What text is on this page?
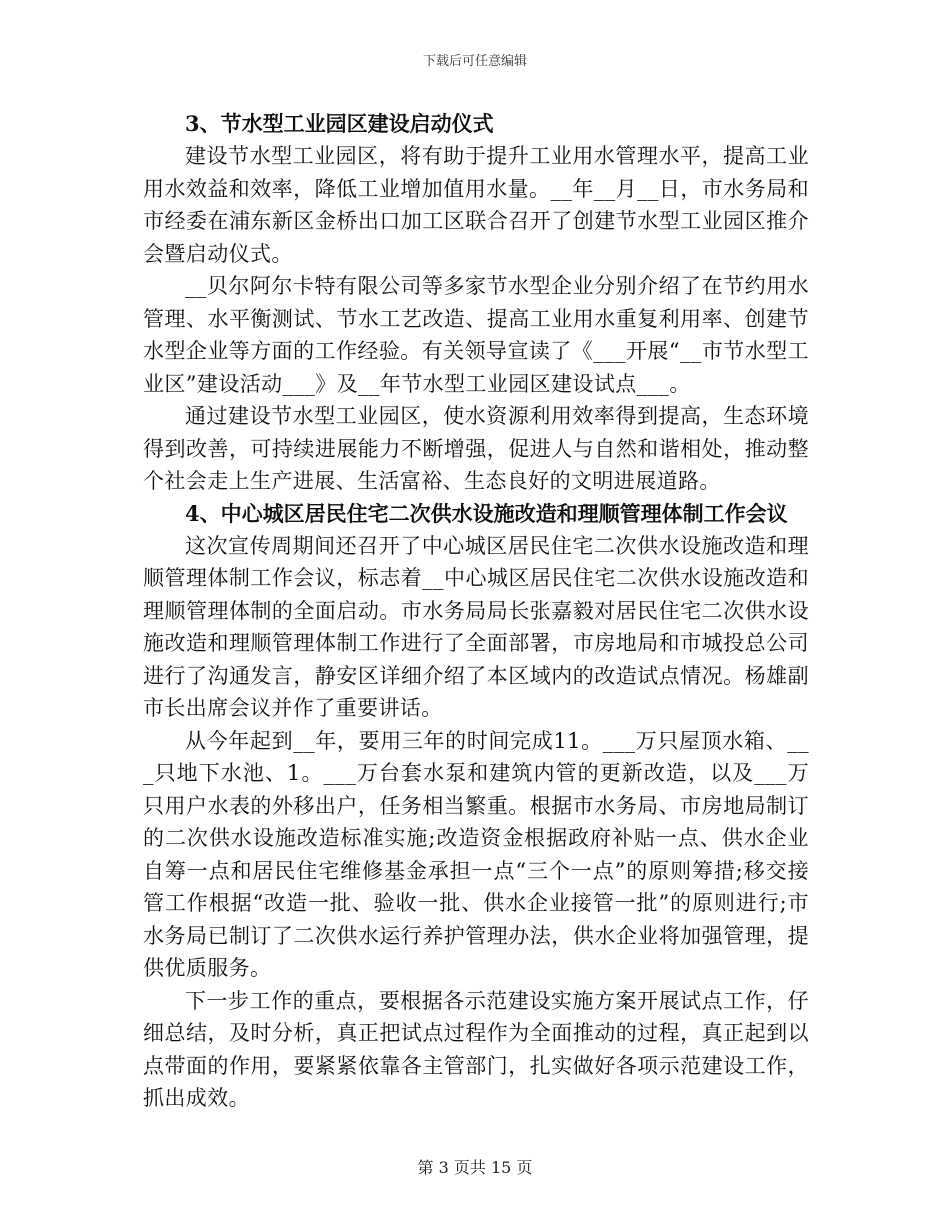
下载后可任意编辑

3、节水型工业园区建设启动仪式

建设节水型工业园区，将有助于提升工业用水管理水平，提高工业用水效益和效率，降低工业增加值用水量。__年__月__日，市水务局和市经委在浦东新区金桥出口加工区联合召开了创建节水型工业园区推介会暨启动仪式。

__贝尔阿尔卡特有限公司等多家节水型企业分别介绍了在节约用水管理、水平衡测试、节水工艺改造、提高工业用水重复利用率、创建节水型企业等方面的工作经验。有关领导宣读了《___开展“__市节水型工业区”建设活动___》及__年节水型工业园区建设试点___。

通过建设节水型工业园区，使水资源利用效率得到提高，生态环境得到改善，可持续进展能力不断增强，促进人与自然和谐相处，推动整个社会走上生产进展、生活富裕、生态良好的文明进展道路。

4、中心城区居民住宅二次供水设施改造和理顺管理体制工作会议

这次宣传周期间还召开了中心城区居民住宅二次供水设施改造和理顺管理体制工作会议，标志着__中心城区居民住宅二次供水设施改造和理顺管理体制的全面启动。市水务局局长张嘉毅对居民住宅二次供水设施改造和理顺管理体制工作进行了全面部署，市房地局和市城投总公司进行了沟通发言，静安区详细介绍了本区域内的改造试点情况。杨雄副市长出席会议并作了重要讲话。

从今年起到__年，要用三年的时间完成11。___万只屋顶水箱、___只地下水池、1。___万台套水泵和建筑内管的更新改造，以及___万只用户水表的外移出户，任务相当繁重。根据市水务局、市房地局制订的二次供水设施改造标准实施;改造资金根据政府补贴一点、供水企业自筹一点和居民住宅维修基金承担一点“三个一点”的原则筹措;移交接管工作根据“改造一批、验收一批、供水企业接管一批”的原则进行;市水务局已制订了二次供水运行养护管理办法，供水企业将加强管理，提供优质服务。

下一步工作的重点，要根据各示范建设实施方案开展试点工作，仔细总结，及时分析，真正把试点过程作为全面推动的过程，真正起到以点带面的作用，要紧紧依靠各主管部门，扎实做好各项示范建设工作，抓出成效。

第 3 页共 15 页
